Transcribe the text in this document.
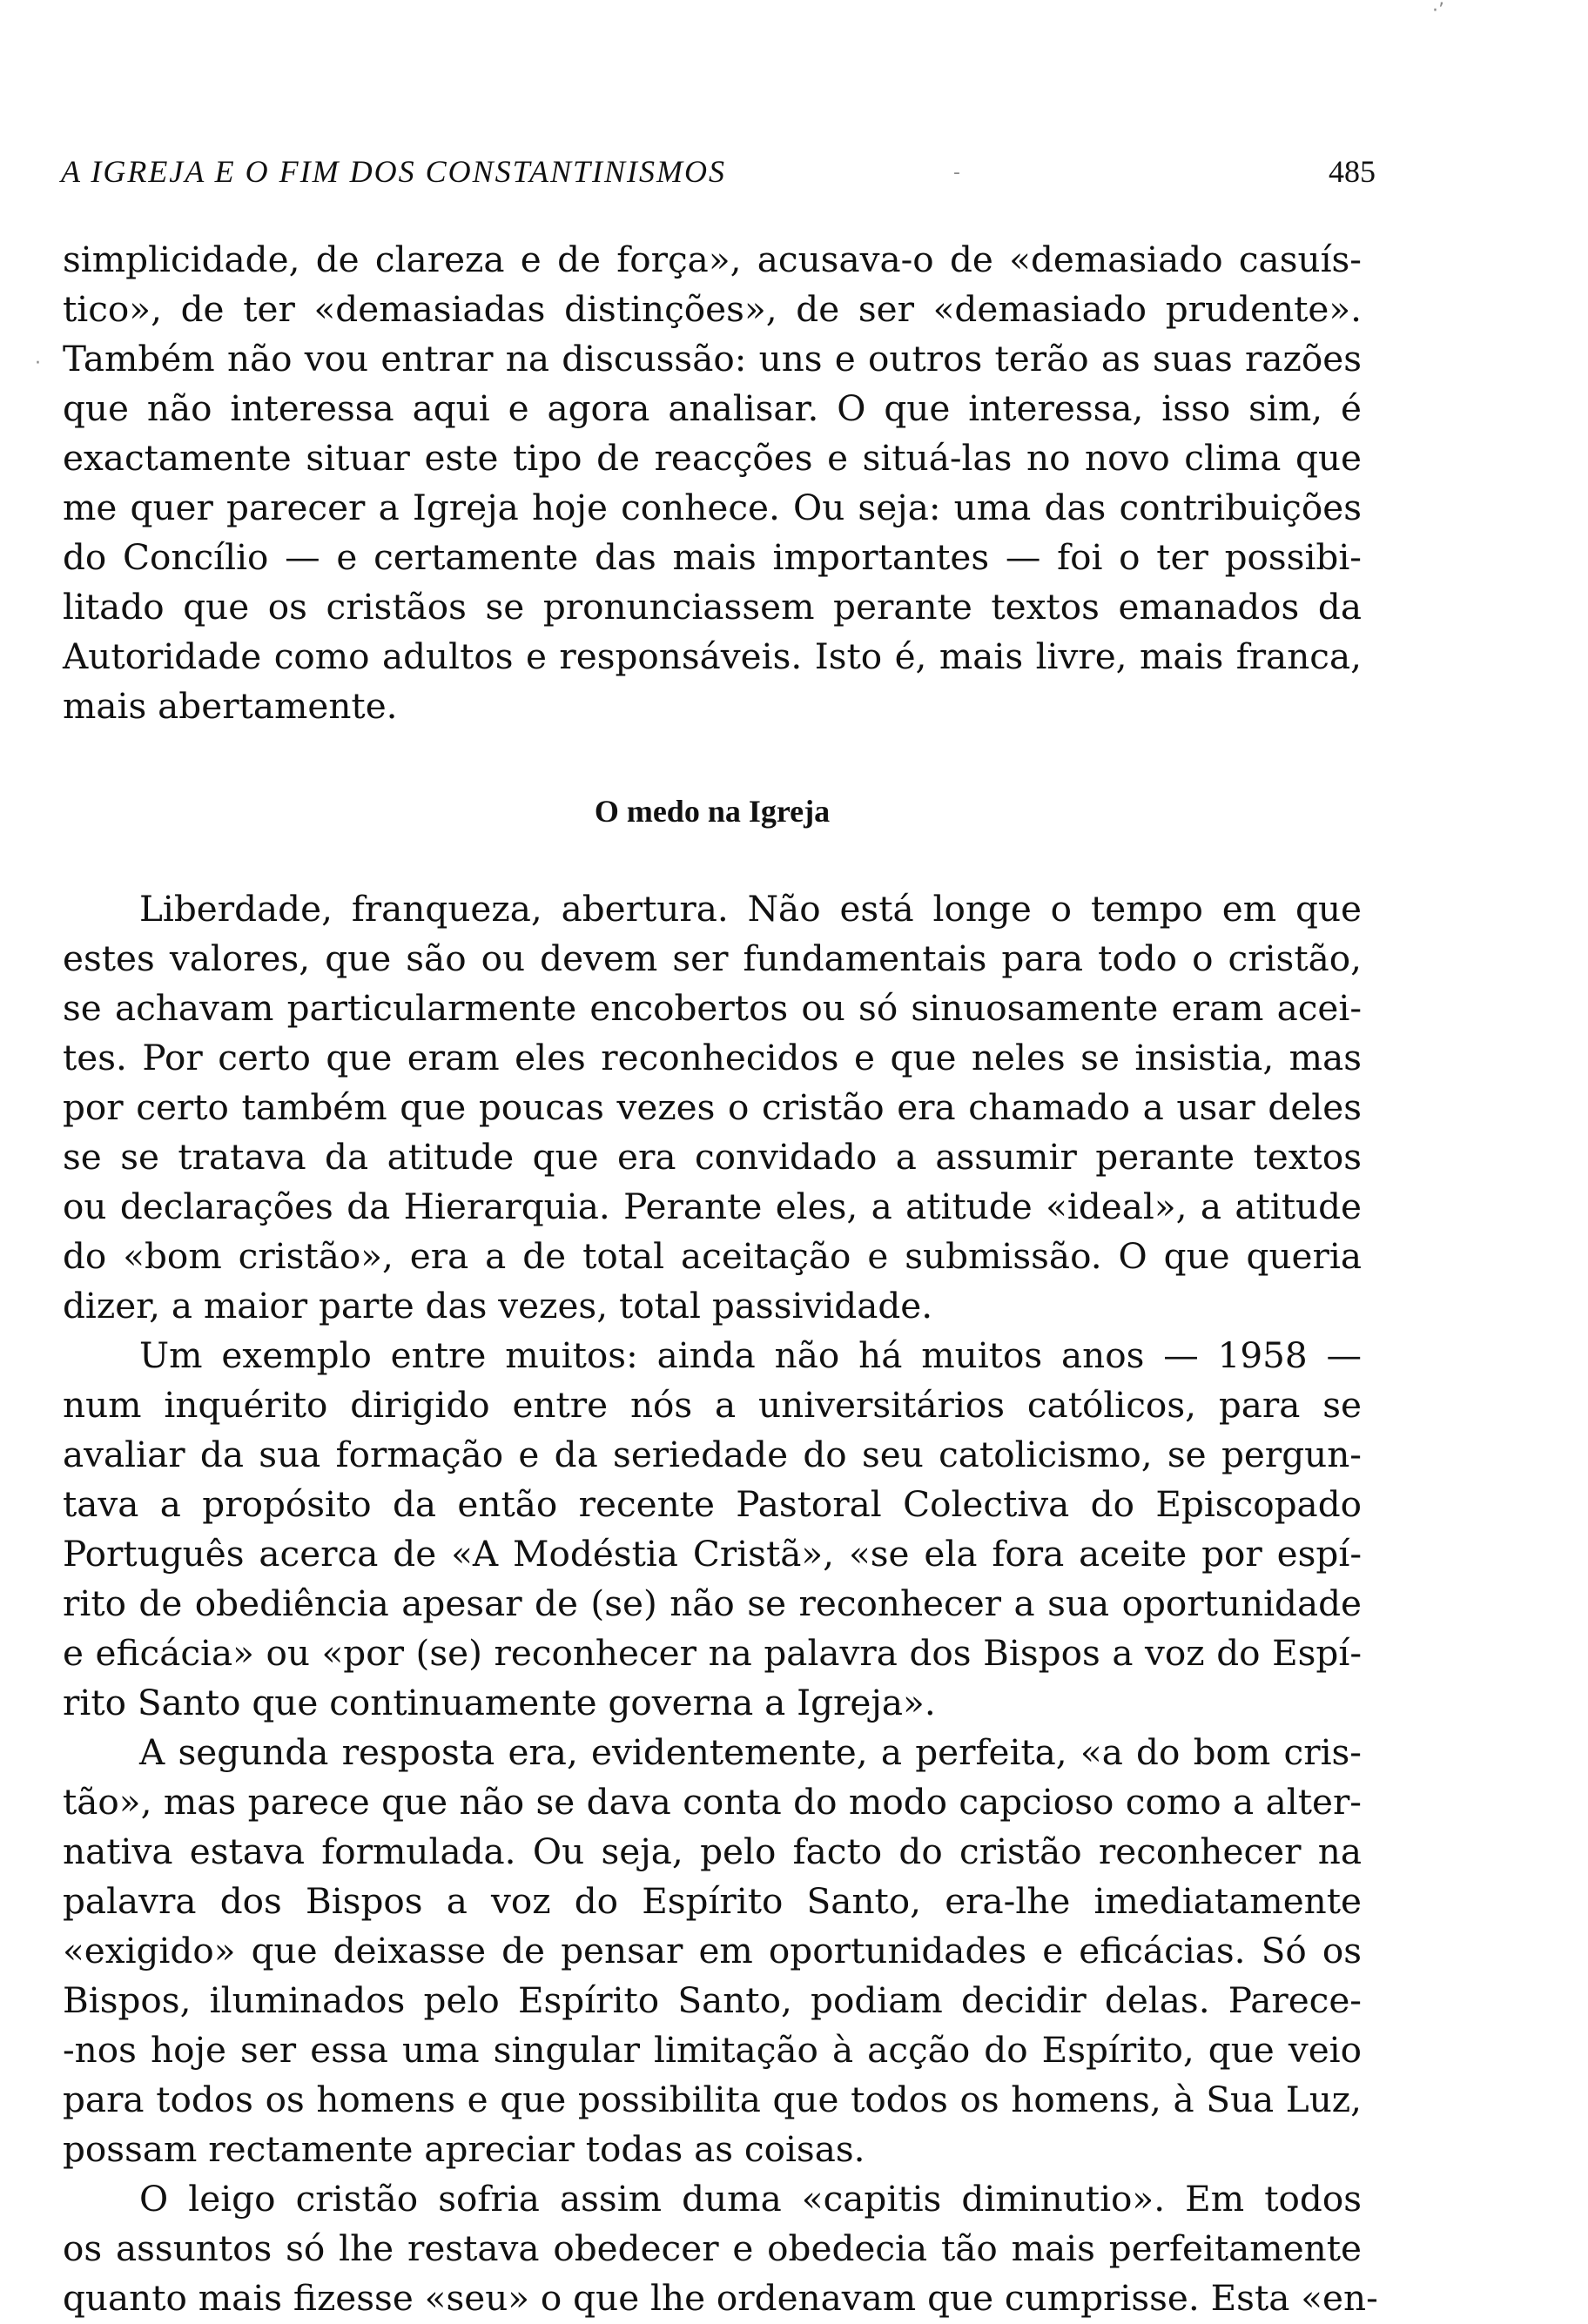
A IGREJA E O FIM DOS CONSTANTINISMOS	485
simplicidade, de clareza e de força», acusava-o de «demasiado casuís-
tico», de ter «demasiadas distinções», de ser «demasiado prudente».
Também não vou entrar na discussão: uns e outros terão as suas razões
que não interessa aqui e agora analisar. O que interessa, isso sim, é
exactamente situar este tipo de reacções e situá-las no novo clima que
me quer parecer a Igreja hoje conhece. Ou seja: uma das contribuições
do Concílio — e certamente das mais importantes — foi o ter possibi-
litado que os cristãos se pronunciassem perante textos emanados da
Autoridade como adultos e responsáveis. Isto é, mais livre, mais franca,
mais abertamente.
O medo na Igreja
Liberdade, franqueza, abertura. Não está longe o tempo em que
estes valores, que são ou devem ser fundamentais para todo o cristão,
se achavam particularmente encobertos ou só sinuosamente eram acei-
tes. Por certo que eram eles reconhecidos e que neles se insistia, mas
por certo também que poucas vezes o cristão era chamado a usar deles
se se tratava da atitude que era convidado a assumir perante textos
ou declarações da Hierarquia. Perante eles, a atitude «ideal», a atitude
do «bom cristão», era a de total aceitação e submissão. O que queria
dizer, a maior parte das vezes, total passividade.
Um exemplo entre muitos: ainda não há muitos anos — 1958 —
num inquérito dirigido entre nós a universitários católicos, para se
avaliar da sua formação e da seriedade do seu catolicismo, se pergun-
tava a propósito da então recente Pastoral Colectiva do Episcopado
Português acerca de «A Modéstia Cristã», «se ela fora aceite por espí-
rito de obediência apesar de (se) não se reconhecer a sua oportunidade
e eficácia» ou «por (se) reconhecer na palavra dos Bispos a voz do Espí-
rito Santo que continuamente governa a Igreja».
A segunda resposta era, evidentemente, a perfeita, «a do bom cris-
tão», mas parece que não se dava conta do modo capcioso como a alter-
nativa estava formulada. Ou seja, pelo facto do cristão reconhecer na
palavra dos Bispos a voz do Espírito Santo, era-lhe imediatamente
«exigido» que deixasse de pensar em oportunidades e eficácias. Só os
Bispos, iluminados pelo Espírito Santo, podiam decidir delas. Parece-
-nos hoje ser essa uma singular limitação à acção do Espírito, que veio
para todos os homens e que possibilita que todos os homens, à Sua Luz,
possam rectamente apreciar todas as coisas.
O leigo cristão sofria assim duma «capitis diminutio». Em todos
os assuntos só lhe restava obedecer e obedecia tão mais perfeitamente
quanto mais fizesse «seu» o que lhe ordenavam que cumprisse. Esta «en-
·’
-
·
